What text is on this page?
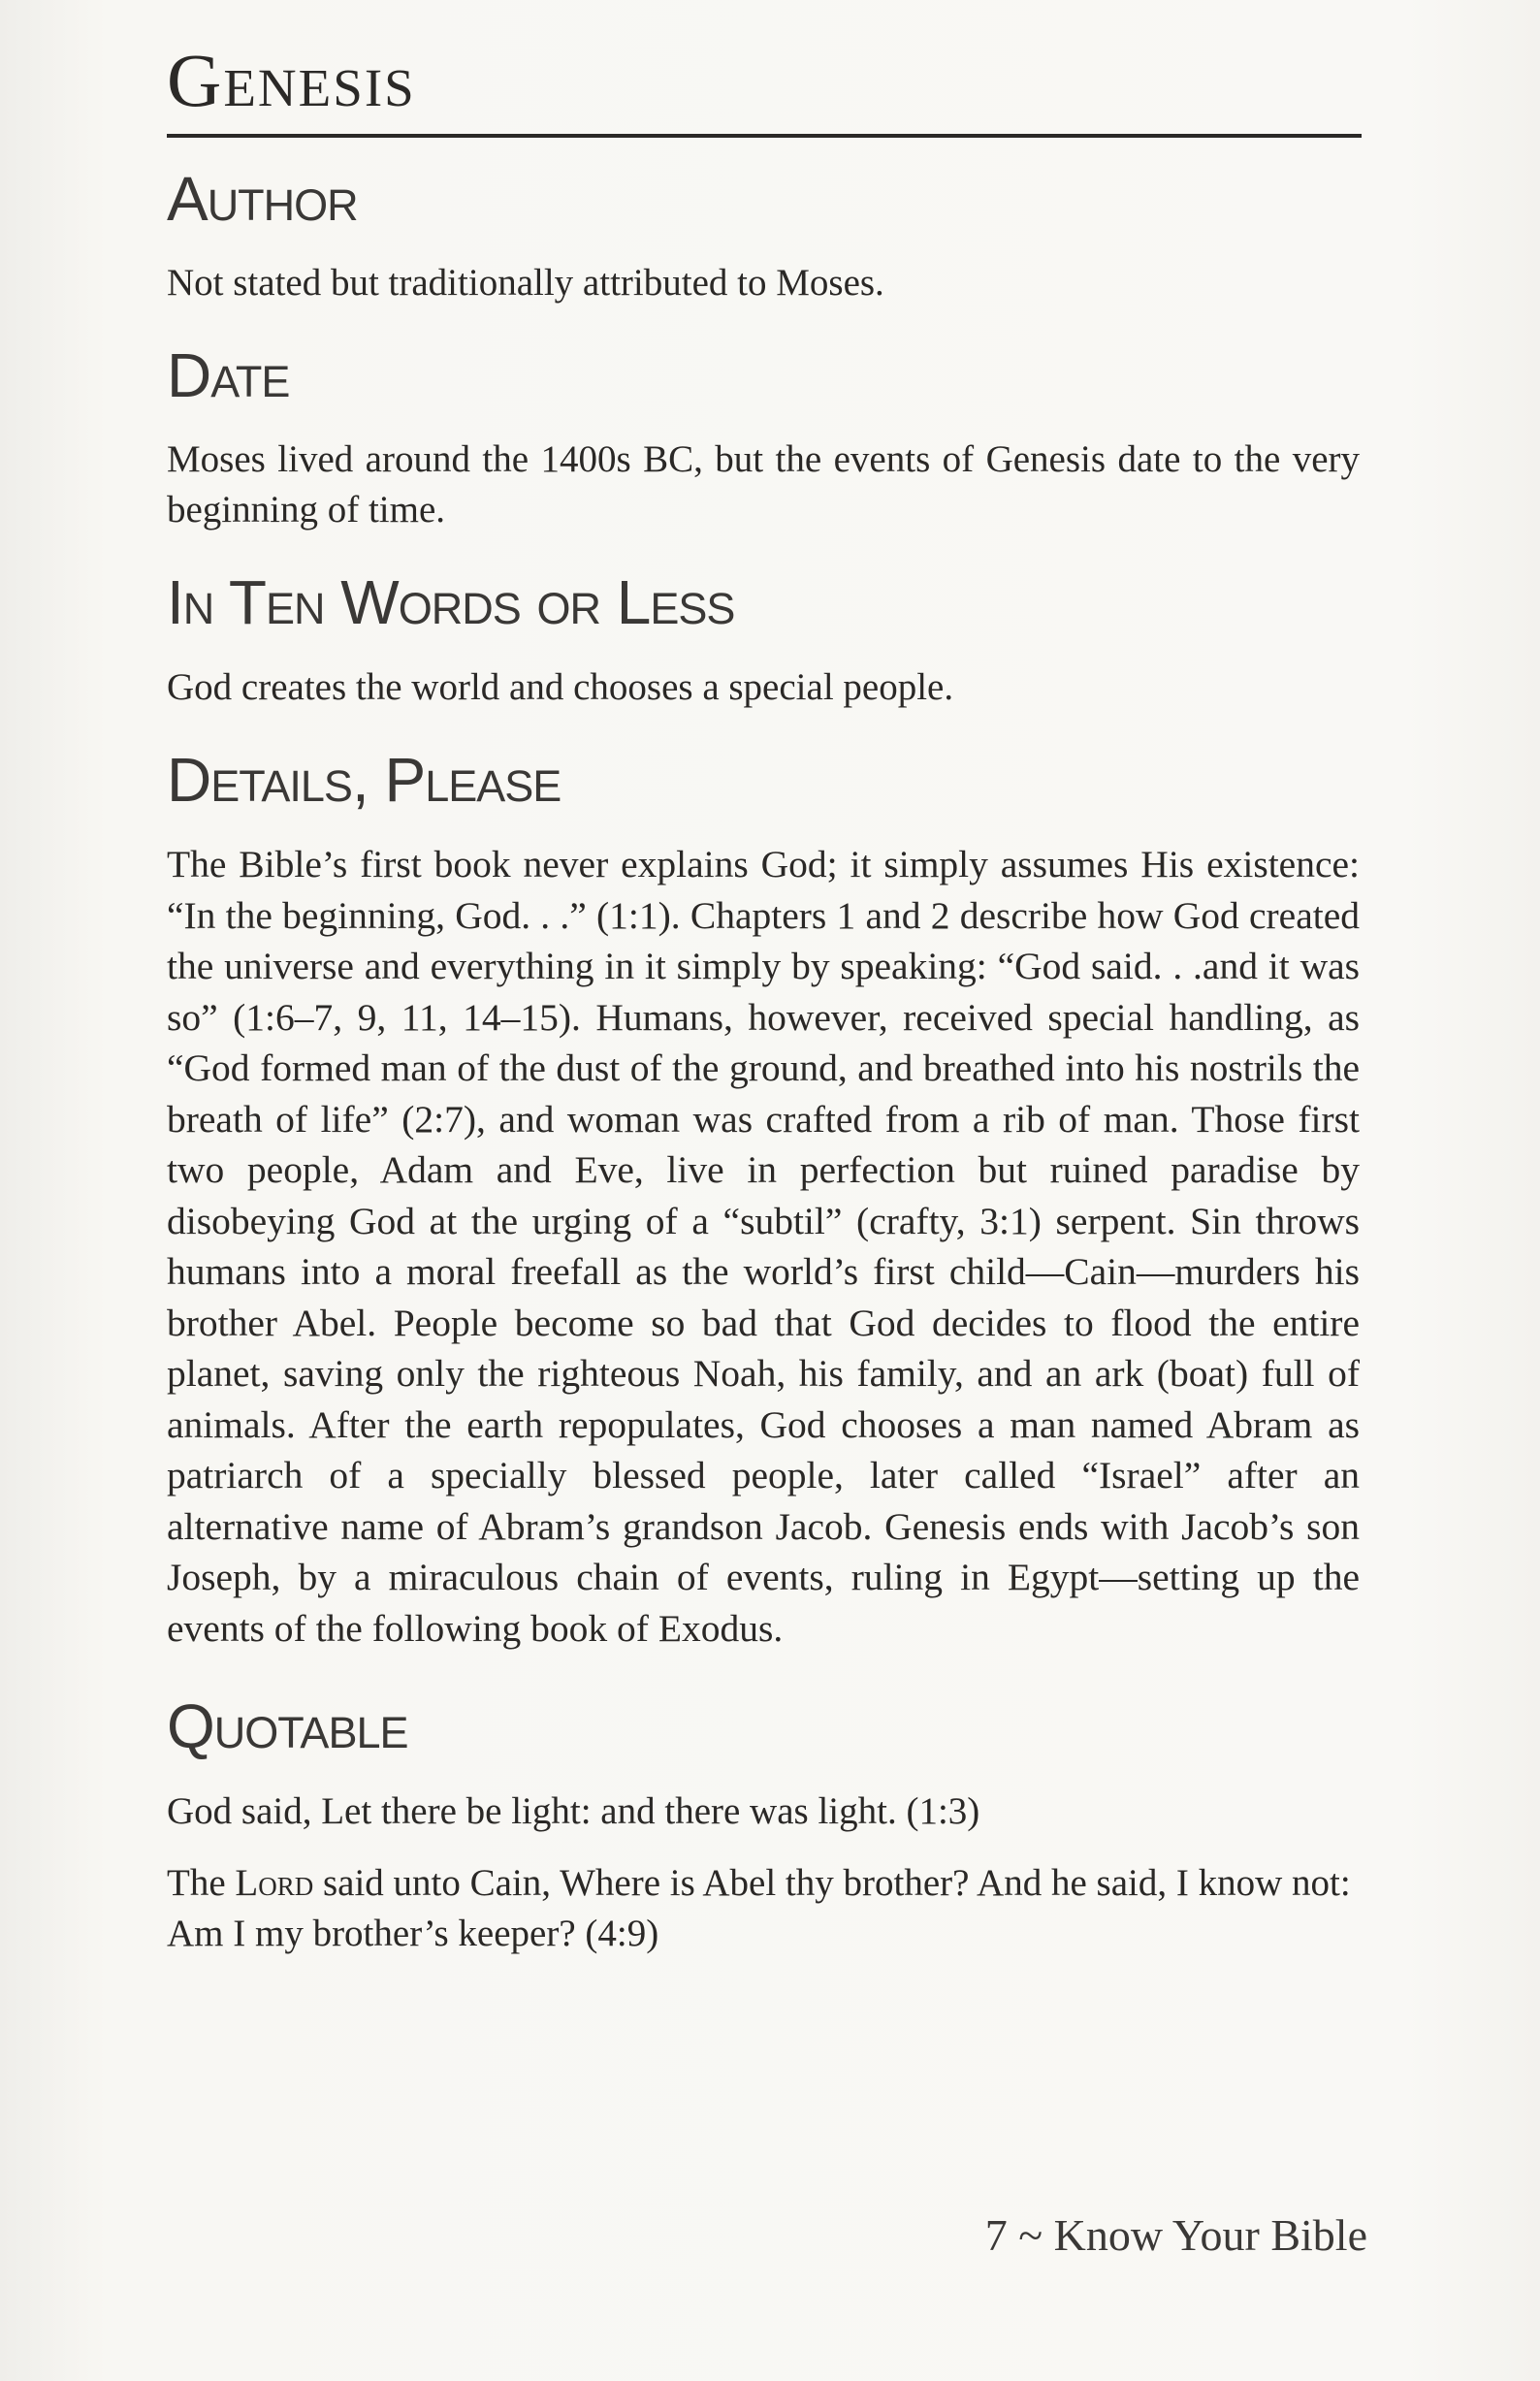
Genesis
Author

Not stated but traditionally attributed to Moses.

Date

Moses lived around the 1400s BC, but the events of Genesis date to the very beginning of time.

In Ten Words or Less

God creates the world and chooses a special people.

Details, Please

The Bible’s first book never explains God; it simply assumes His existence: “In the beginning, God. . .” (1:1). Chapters 1 and 2 describe how God created the universe and everything in it simply by speaking: “God said. . .and it was so” (1:6–7, 9, 11, 14–15). Humans, however, received special handling, as “God formed man of the dust of the ground, and breathed into his nostrils the breath of life” (2:7), and woman was crafted from a rib of man. Those first two people, Adam and Eve, live in perfection but ruined paradise by disobeying God at the urging of a “subtil” (crafty, 3:1) serpent. Sin throws humans into a moral freefall as the world’s first child—Cain—murders his brother Abel. People become so bad that God decides to flood the entire planet, saving only the righteous Noah, his family, and an ark (boat) full of animals. After the earth repopulates, God chooses a man named Abram as patriarch of a specially blessed people, later called “Israel” after an alternative name of Abram’s grandson Jacob. Genesis ends with Jacob’s son Joseph, by a miraculous chain of events, ruling in Egypt—setting up the events of the following book of Exodus.

Quotable

God said, Let there be light: and there was light. (1:3)

The Lord said unto Cain, Where is Abel thy brother? And he said, I know not: Am I my brother’s keeper? (4:9)

7 ~ Know Your Bible
